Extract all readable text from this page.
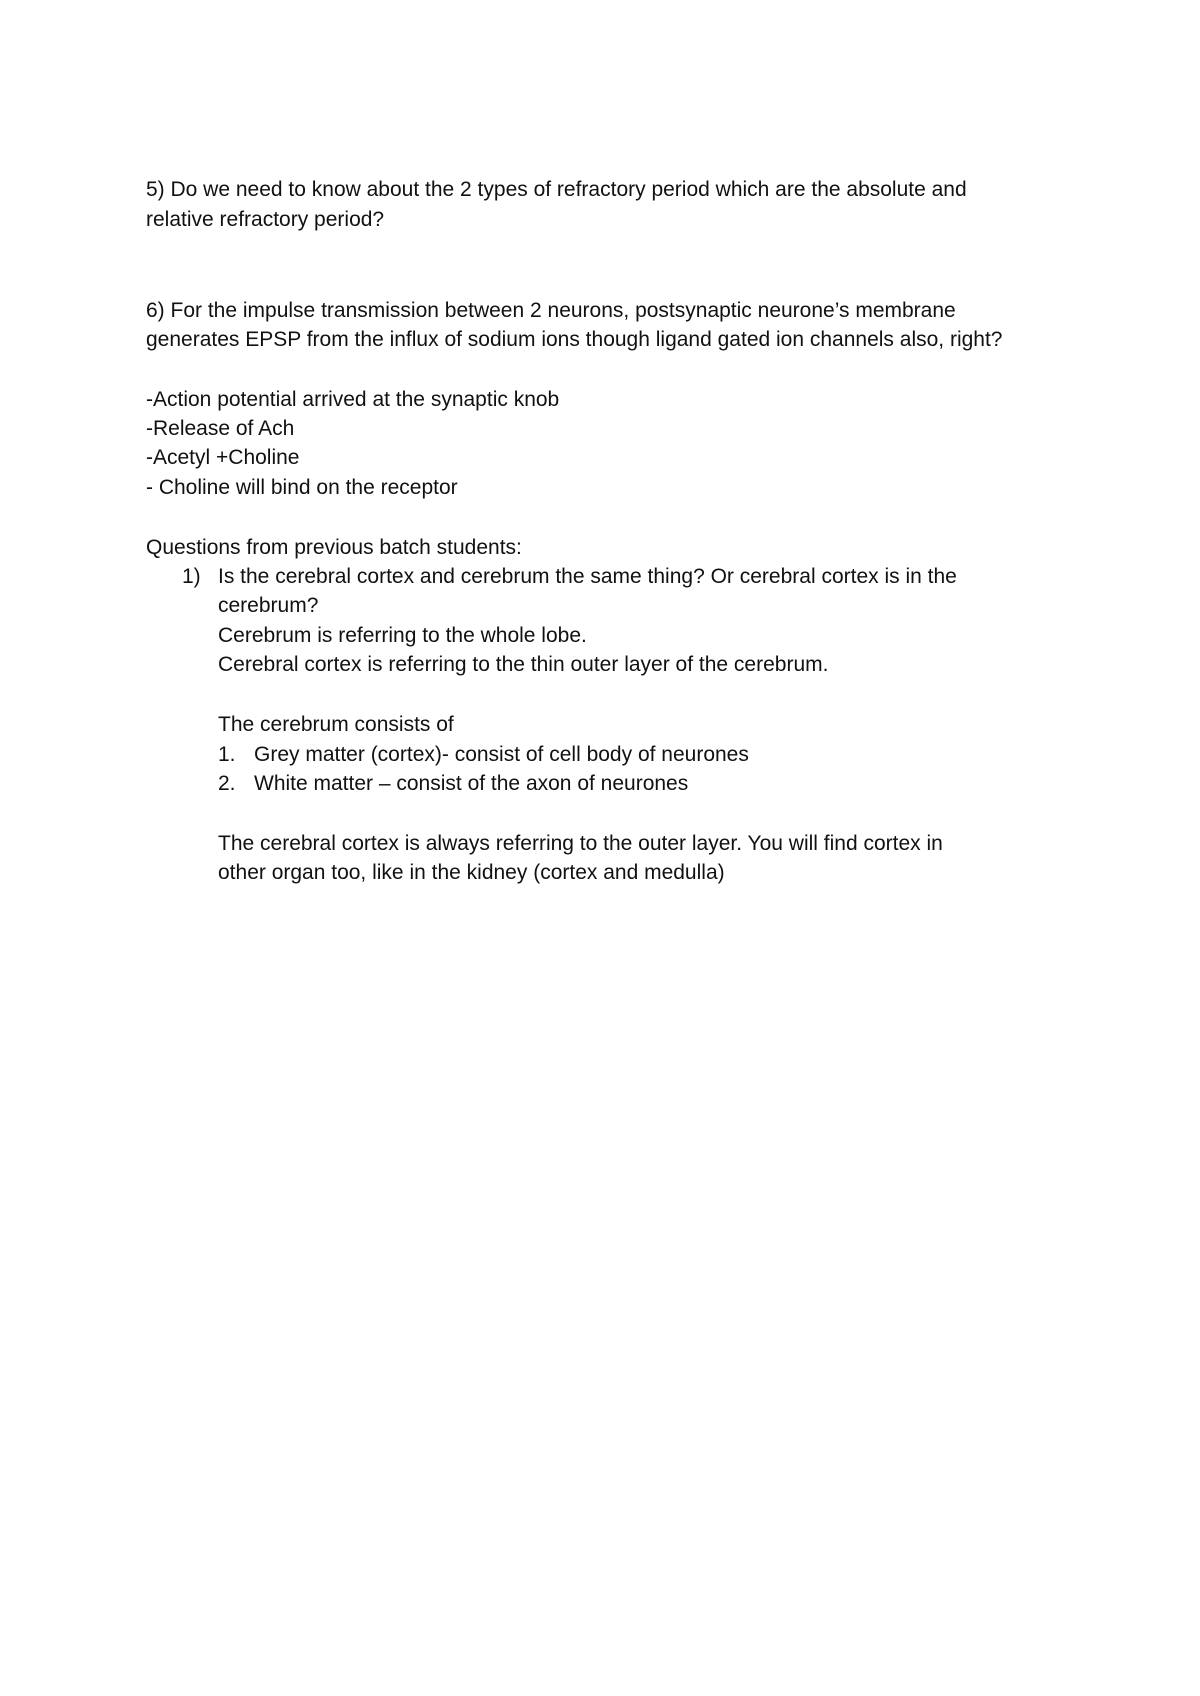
5) Do we need to know about the 2 types of refractory period which are the absolute and
relative refractory period?
6) For the impulse transmission between 2 neurons, postsynaptic neurone’s membrane
generates EPSP from the influx of sodium ions though ligand gated ion channels also, right?
-Action potential arrived at the synaptic knob
-Release of Ach
-Acetyl +Choline
- Choline will bind on the receptor
Questions from previous batch students:
1) Is the cerebral cortex and cerebrum the same thing? Or cerebral cortex is in the
cerebrum?
Cerebrum is referring to the whole lobe.
Cerebral cortex is referring to the thin outer layer of the cerebrum.
The cerebrum consists of
1. Grey matter (cortex)- consist of cell body of neurones
2. White matter – consist of the axon of neurones
The cerebral cortex is always referring to the outer layer. You will find cortex in
other organ too, like in the kidney (cortex and medulla)
